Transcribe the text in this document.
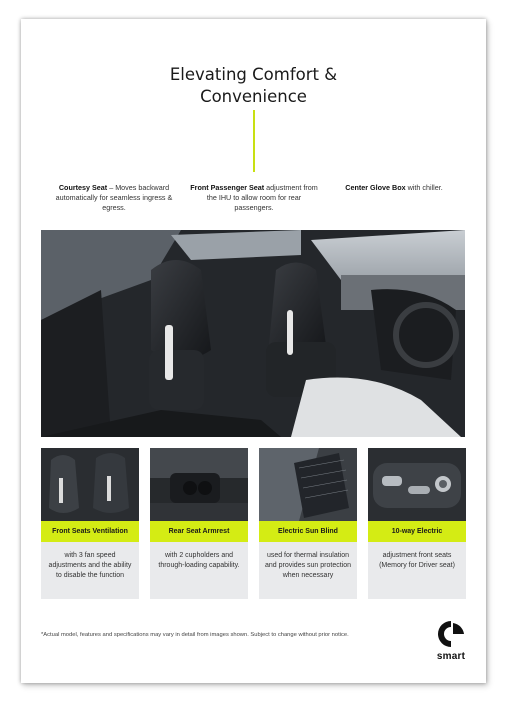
Elevating Comfort &
Convenience
Courtesy Seat – Moves backward automatically for seamless ingress & egress.
Front Passenger Seat adjustment from the IHU to allow room for rear passengers.
Center Glove Box with chiller.
Front Seats Ventilation
with 3 fan speed adjustments and the ability to disable the function
Rear Seat Armrest
with 2 cupholders and through-loading capability.
Electric Sun Blind
used for thermal insulation and provides sun protection when necessary
10-way Electric
adjustment front seats (Memory for Driver seat)
*Actual model, features and specifications may vary in detail from images shown. Subject to change without prior notice.
smart
